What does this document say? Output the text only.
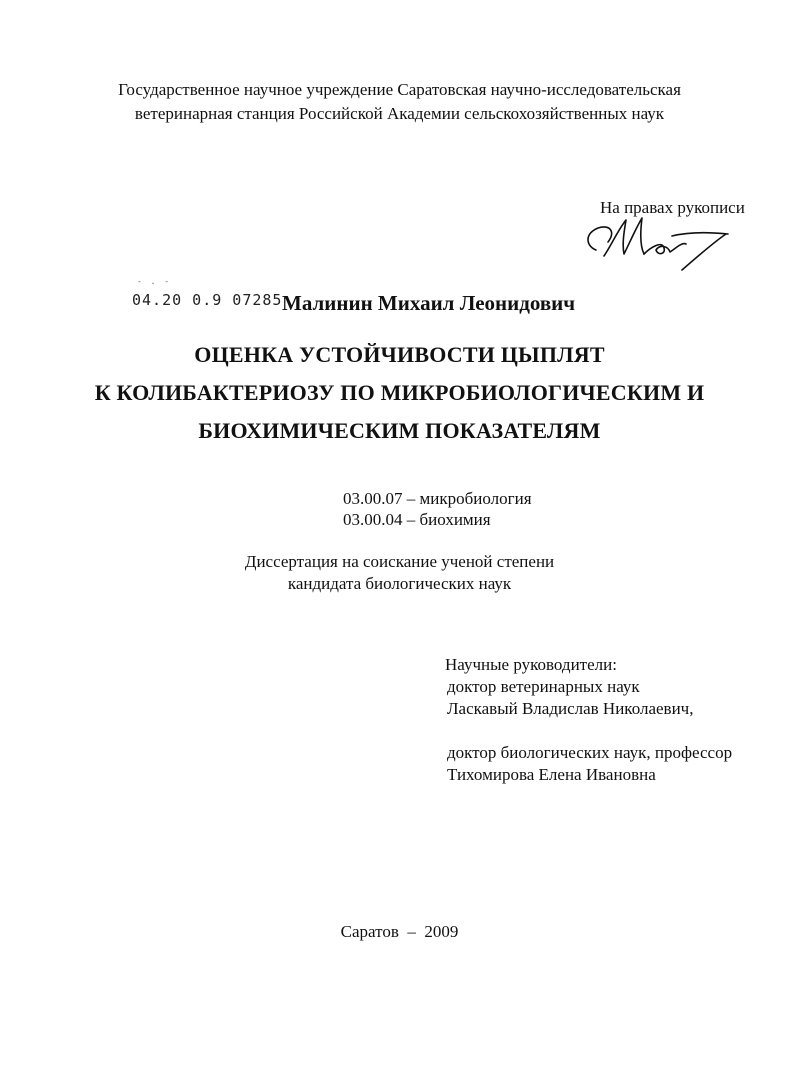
Государственное научное учреждение Саратовская научно-исследовательская
ветеринарная станция Российской Академии сельскохозяйственных наук
На правах рукописи
- . -
04.20 0.9 07285 Малинин Михаил Леонидович
ОЦЕНКА УСТОЙЧИВОСТИ ЦЫПЛЯТ
К КОЛИБАКТЕРИОЗУ ПО МИКРОБИОЛОГИЧЕСКИМ И
БИОХИМИЧЕСКИМ ПОКАЗАТЕЛЯМ
03.00.07 – микробиология
03.00.04 – биохимия
Диссертация на соискание ученой степени
кандидата биологических наук
Научные руководители:
доктор ветеринарных наук
Ласкавый Владислав Николаевич,
доктор биологических наук, профессор
Тихомирова Елена Ивановна
Саратов  –  2009
